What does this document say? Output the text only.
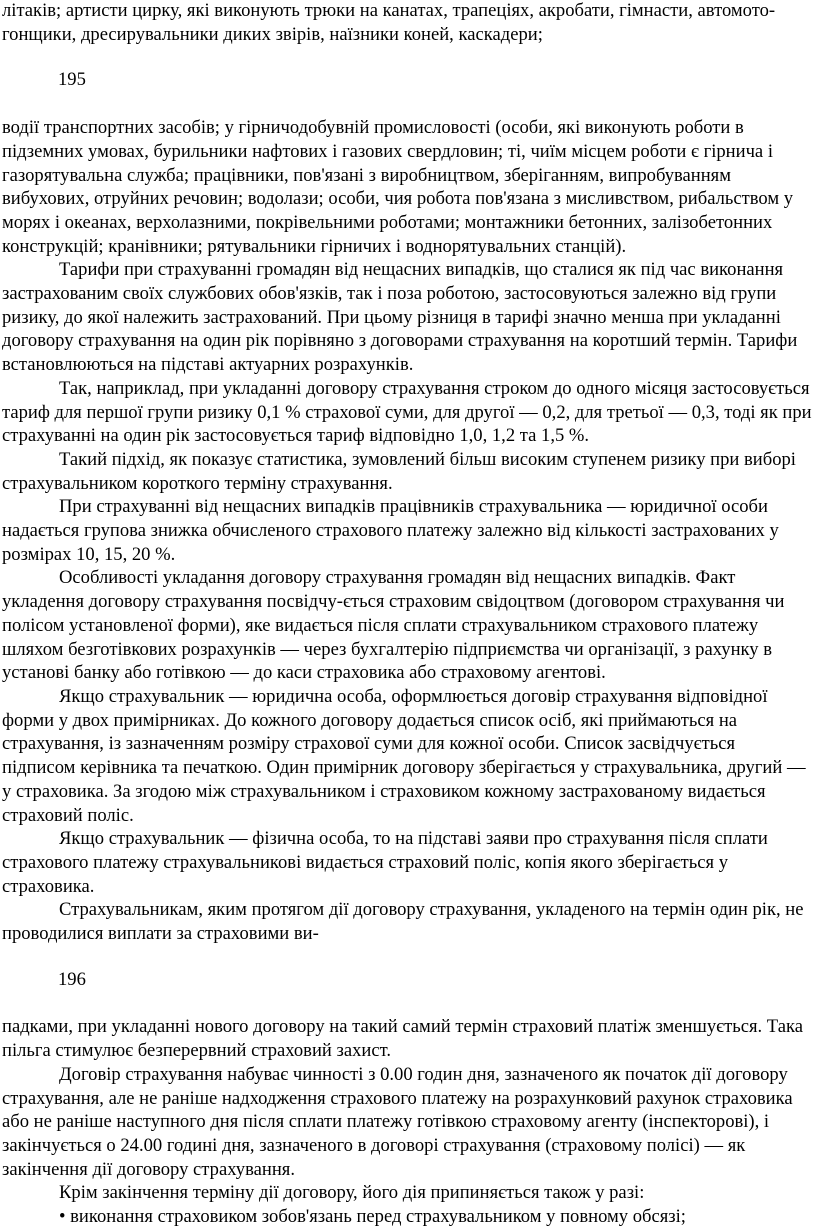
літаків; артисти цирку, які виконують трюки на канатах, трапеціях, акробати, гімнасти, автомото-гонщики, дресирувальники диких звірів, наїзники коней, каскадери;

195

водії транспортних засобів; у гірничодобувній промисловості (особи, які виконують роботи в підземних умовах, бурильники нафтових і газових свердловин; ті, чиїм місцем роботи є гірнича і газорятувальна служба; працівники, пов'язані з виробництвом, зберіганням, випробуванням вибухових, отруйних речовин; водолази; особи, чия робота пов'язана з мисливством, рибальством у морях і океанах, верхолазними, покрівельними роботами; монтажники бетонних, залізобетонних конструкцій; кранівники; рятувальники гірничих і воднорятувальних станцій).

Тарифи при страхуванні громадян від нещасних випадків, що сталися як під час виконання застрахованим своїх службових обов'язків, так і поза роботою, застосовуються залежно від групи ризику, до якої належить застрахований. При цьому різниця в тарифі значно менша при укладанні договору страхування на один рік порівняно з договорами страхування на коротший термін. Тарифи встановлюються на підставі актуарних розрахунків.

Так, наприклад, при укладанні договору страхування строком до одного місяця застосовується тариф для першої групи ризику 0,1 % страхової суми, для другої — 0,2, для третьої — 0,3, тоді як при страхуванні на один рік застосовується тариф відповідно 1,0, 1,2 та 1,5 %.

Такий підхід, як показує статистика, зумовлений більш високим ступенем ризику при виборі страхувальником короткого терміну страхування.

При страхуванні від нещасних випадків працівників страхувальника — юридичної особи надається групова знижка обчисленого страхового платежу залежно від кількості застрахованих у розмірах 10, 15, 20 %.

Особливості укладання договору страхування громадян від нещасних випадків. Факт укладення договору страхування посвідчу-ється страховим свідоцтвом (договором страхування чи полісом установленої форми), яке видається після сплати страхувальником страхового платежу шляхом безготівкових розрахунків — через бухгалтерію підприємства чи організації, з рахунку в установі банку або готівкою — до каси страховика або страховому агентові.

Якщо страхувальник — юридична особа, оформлюється договір страхування відповідної форми у двох примірниках. До кожного договору додається список осіб, які приймаються на страхування, із зазначенням розміру страхової суми для кожної особи. Список засвідчується підписом керівника та печаткою. Один примірник договору зберігається у страхувальника, другий — у страховика. За згодою між страхувальником і страховиком кожному застрахованому видається страховий поліс.

Якщо страхувальник — фізична особа, то на підставі заяви про страхування після сплати страхового платежу страхувальникові видається страховий поліс, копія якого зберігається у страховика.

Страхувальникам, яким протягом дії договору страхування, укладеного на термін один рік, не проводилися виплати за страховими ви-

196

падками, при укладанні нового договору на такий самий термін страховий платіж зменшується. Така пільга стимулює безперервний страховий захист.

Договір страхування набуває чинності з 0.00 годин дня, зазначеного як початок дії договору страхування, але не раніше надходження страхового платежу на розрахунковий рахунок страховика або не раніше наступного дня після сплати платежу готівкою страховому агенту (інспекторові), і закінчується о 24.00 годині дня, зазначеного в договорі страхування (страховому полісі) — як закінчення дії договору страхування.

Крім закінчення терміну дії договору, його дія припиняється також у разі:

• виконання страховиком зобов'язань перед страхувальником у повному обсязі;
